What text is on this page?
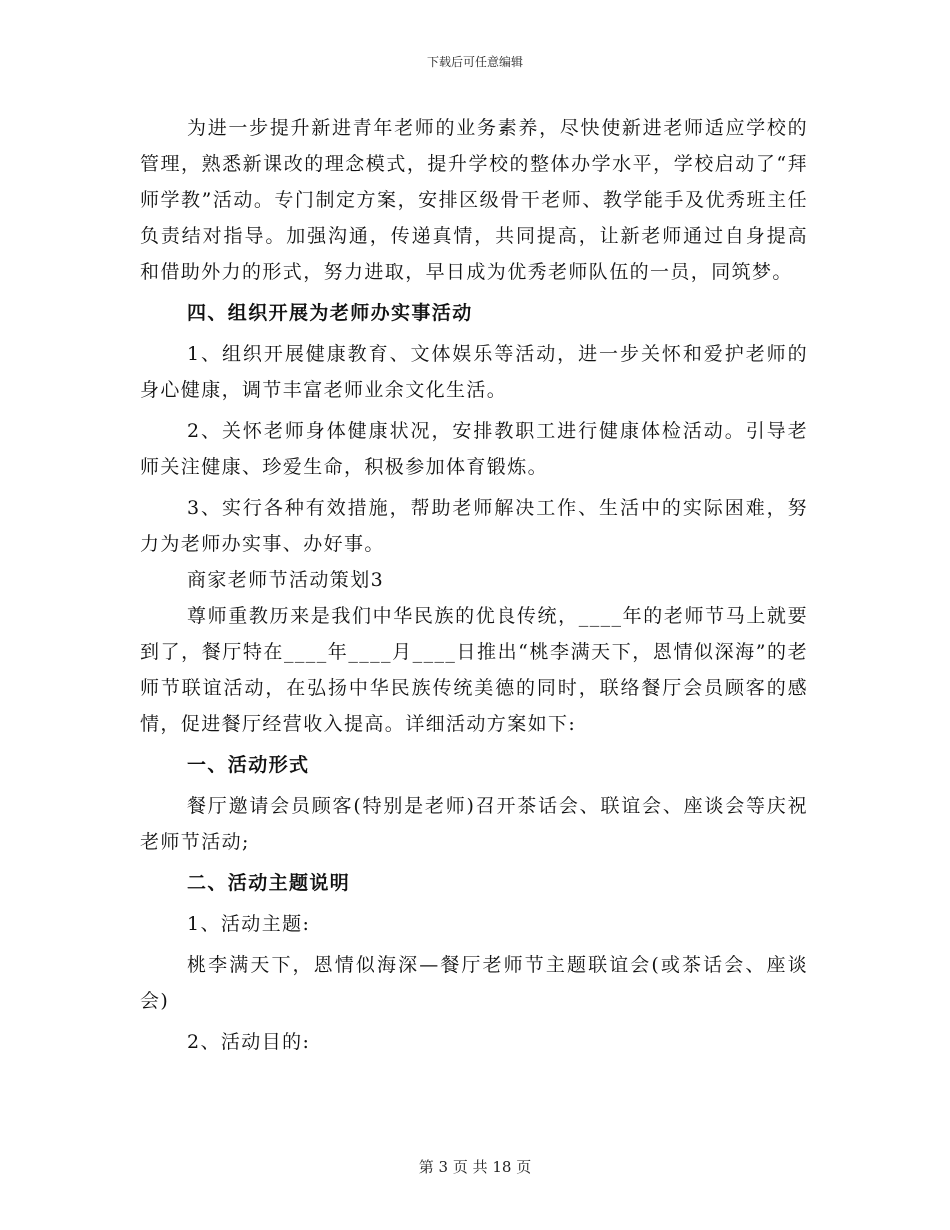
下载后可任意编辑

为进一步提升新进青年老师的业务素养，尽快使新进老师适应学校的管理，熟悉新课改的理念模式，提升学校的整体办学水平，学校启动了“拜师学教”活动。专门制定方案，安排区级骨干老师、教学能手及优秀班主任负责结对指导。加强沟通，传递真情，共同提高，让新老师通过自身提高和借助外力的形式，努力进取，早日成为优秀老师队伍的一员，同筑梦。

四、组织开展为老师办实事活动

1、组织开展健康教育、文体娱乐等活动，进一步关怀和爱护老师的身心健康，调节丰富老师业余文化生活。

2、关怀老师身体健康状况，安排教职工进行健康体检活动。引导老师关注健康、珍爱生命，积极参加体育锻炼。

3、实行各种有效措施，帮助老师解决工作、生活中的实际困难，努力为老师办实事、办好事。

商家老师节活动策划3

尊师重教历来是我们中华民族的优良传统，____年的老师节马上就要到了，餐厅特在____年____月____日推出“桃李满天下，恩情似深海”的老师节联谊活动，在弘扬中华民族传统美德的同时，联络餐厅会员顾客的感情，促进餐厅经营收入提高。详细活动方案如下:

一、活动形式

餐厅邀请会员顾客(特别是老师)召开茶话会、联谊会、座谈会等庆祝老师节活动;

二、活动主题说明

1、活动主题:

桃李满天下，恩情似海深—餐厅老师节主题联谊会(或茶话会、座谈会)

2、活动目的:

第 3 页 共 18 页
